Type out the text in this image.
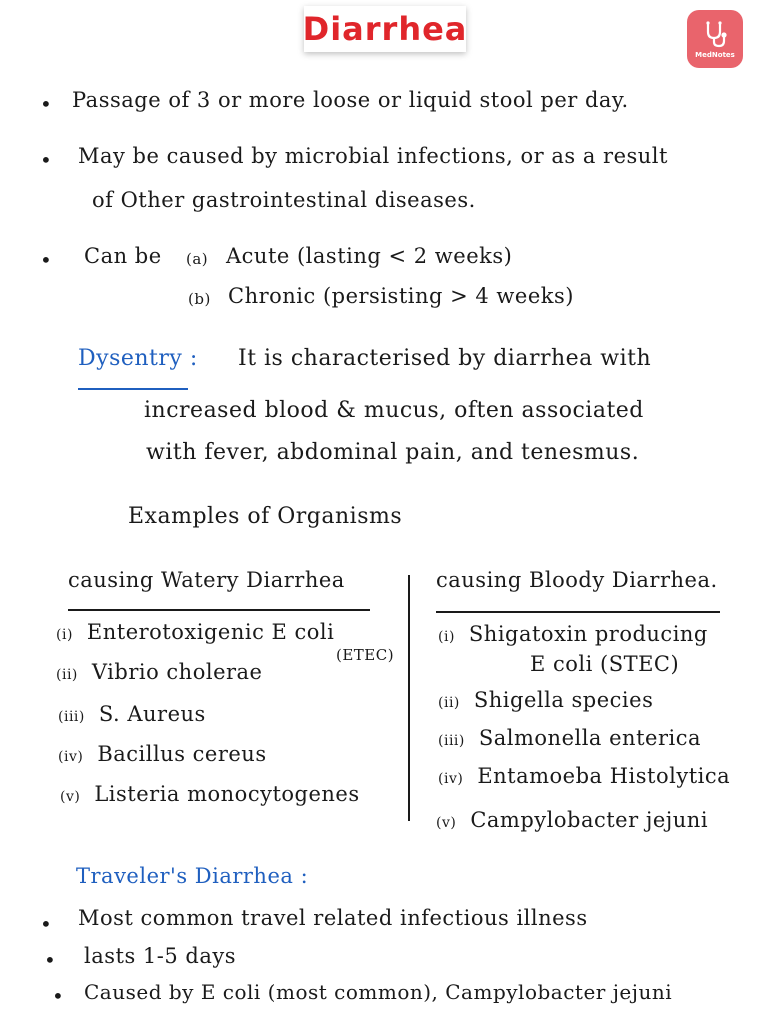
Diarrhea
MedNotes
• Passage of 3 or more loose or liquid stool per day.
• May be caused by microbial infections, or as a result
of Other gastrointestinal diseases.
• Can be (a) Acute (lasting < 2 weeks)
(b) Chronic (persisting > 4 weeks)
Dysentry : It is characterised by diarrhea with
increased blood & mucus, often associated
with fever, abdominal pain, and tenesmus.
Examples of Organisms
causing Watery Diarrhea
(i) Enterotoxigenic E coli
(ETEC)
(ii) Vibrio cholerae
(iii) S. Aureus
(iv) Bacillus cereus
(v) Listeria monocytogenes
causing Bloody Diarrhea.
(i) Shigatoxin producing
E coli (STEC)
(ii) Shigella species
(iii) Salmonella enterica
(iv) Entamoeba Histolytica
(v) Campylobacter jejuni
Traveler's Diarrhea :
• Most common travel related infectious illness
• lasts 1-5 days
• Caused by E coli (most common), Campylobacter jejuni
